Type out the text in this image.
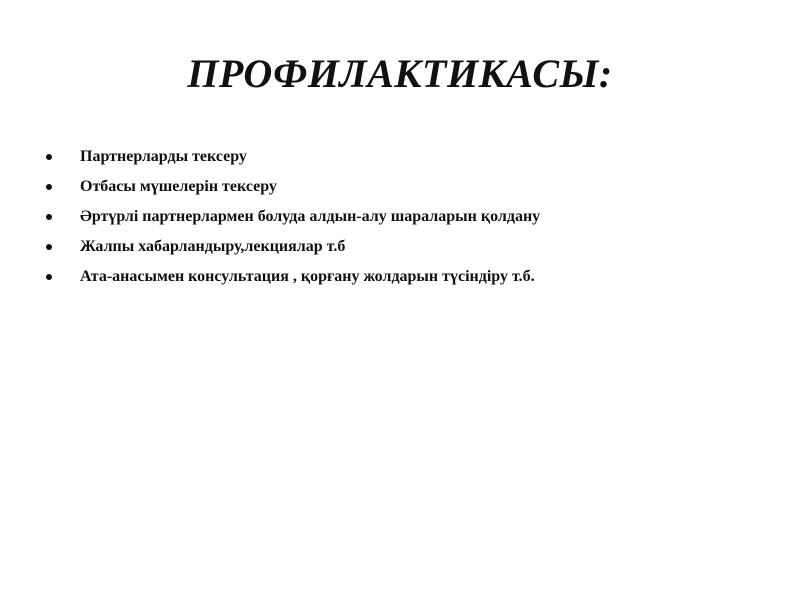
ПРОФИЛАКТИКАСЫ:
Партнерларды тексеру
Отбасы мүшелерін тексеру
Әртүрлі партнерлармен болуда алдын-алу шараларын қолдану
Жалпы хабарландыру,лекциялар т.б
Ата-анасымен консультация , қорғану жолдарын түсіндіру т.б.
